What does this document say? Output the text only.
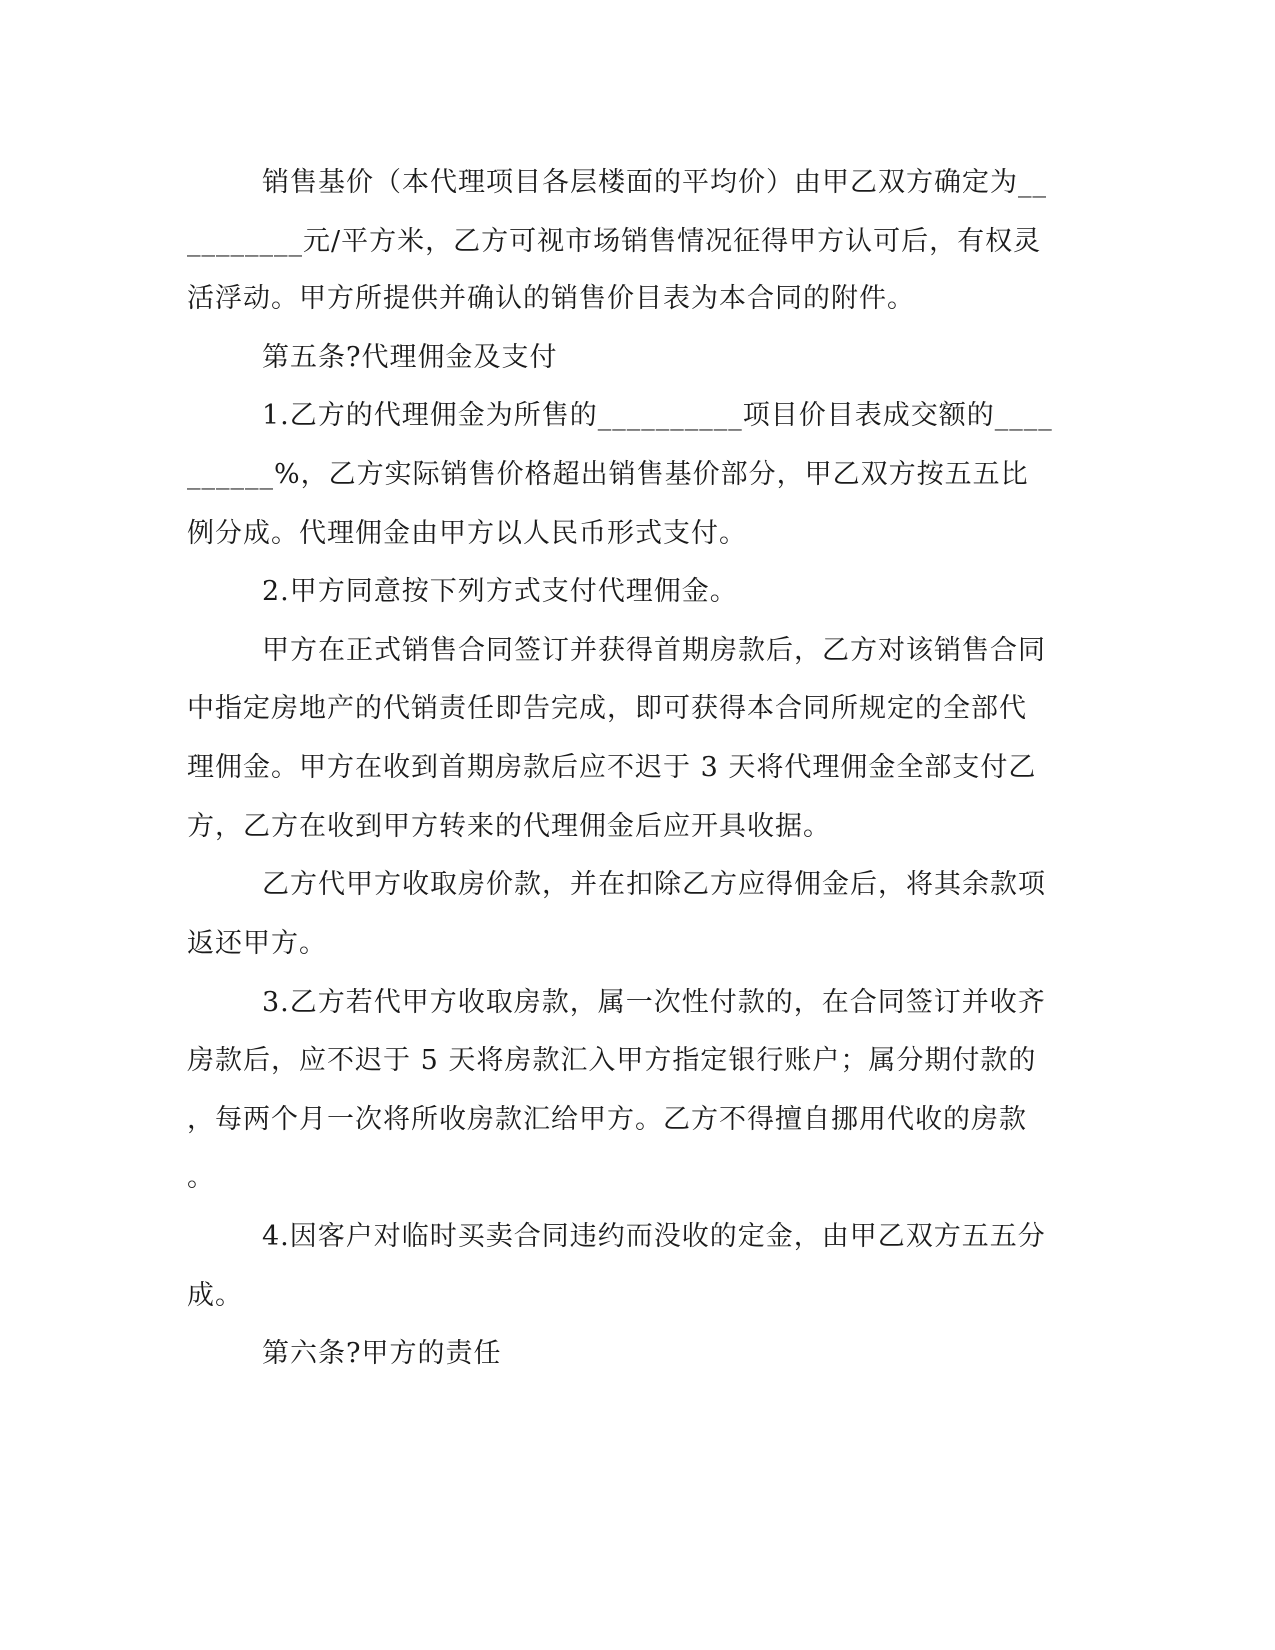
销售基价（本代理项目各层楼面的平均价）由甲乙双方确定为__
________元/平方米，乙方可视市场销售情况征得甲方认可后，有权灵
活浮动。甲方所提供并确认的销售价目表为本合同的附件。
第五条?代理佣金及支付
1.乙方的代理佣金为所售的__________项目价目表成交额的____
______%，乙方实际销售价格超出销售基价部分，甲乙双方按五五比
例分成。代理佣金由甲方以人民币形式支付。
2.甲方同意按下列方式支付代理佣金。
甲方在正式销售合同签订并获得首期房款后，乙方对该销售合同
中指定房地产的代销责任即告完成，即可获得本合同所规定的全部代
理佣金。甲方在收到首期房款后应不迟于 3 天将代理佣金全部支付乙
方，乙方在收到甲方转来的代理佣金后应开具收据。
乙方代甲方收取房价款，并在扣除乙方应得佣金后，将其余款项
返还甲方。
3.乙方若代甲方收取房款，属一次性付款的，在合同签订并收齐
房款后，应不迟于 5 天将房款汇入甲方指定银行账户；属分期付款的
，每两个月一次将所收房款汇给甲方。乙方不得擅自挪用代收的房款
。
4.因客户对临时买卖合同违约而没收的定金，由甲乙双方五五分
成。
第六条?甲方的责任
